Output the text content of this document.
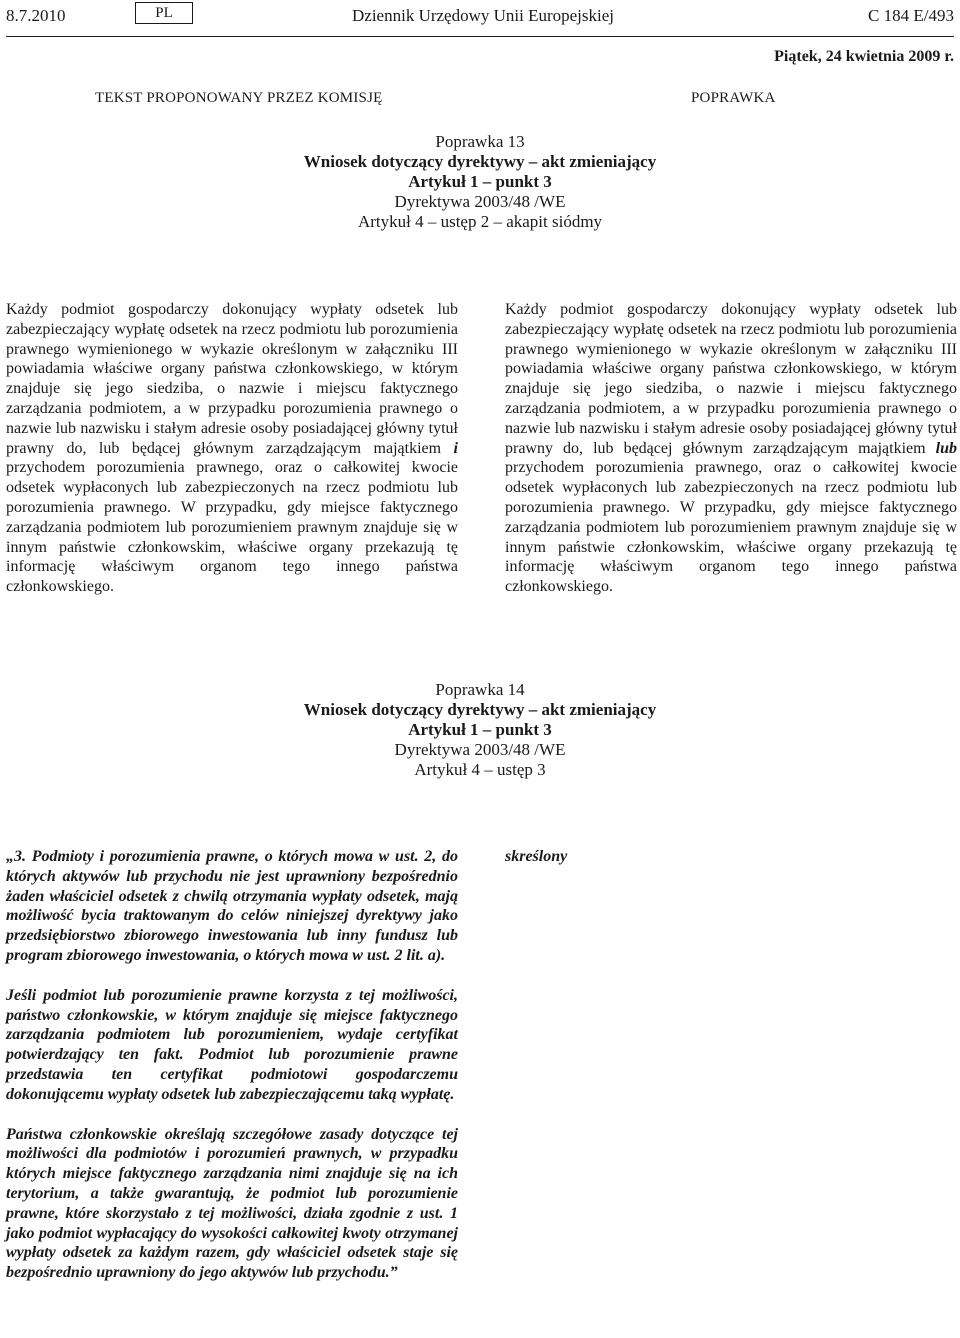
8.7.2010	PL	Dziennik Urzędowy Unii Europejskiej	C 184 E/493
Piątek, 24 kwietnia 2009 r.
TEKST PROPONOWANY PRZEZ KOMISJĘ	POPRAWKA
Poprawka 13
Wniosek dotyczący dyrektywy – akt zmieniający
Artykuł 1 – punkt 3
Dyrektywa 2003/48 /WE
Artykuł 4 – ustęp 2 – akapit siódmy

Każdy podmiot gospodarczy dokonujący wypłaty odsetek lub zabezpieczający wypłatę odsetek na rzecz podmiotu lub porozumienia prawnego wymienionego w wykazie określonym w załączniku III powiadamia właściwe organy państwa członkowskiego, w którym znajduje się jego siedziba, o nazwie i miejscu faktycznego zarządzania podmiotem, a w przypadku porozumienia prawnego o nazwie lub nazwisku i stałym adresie osoby posiadającej główny tytuł prawny do, lub będącej głównym zarządzającym majątkiem i przychodem porozumienia prawnego, oraz o całkowitej kwocie odsetek wypłaconych lub zabezpieczonych na rzecz podmiotu lub porozumienia prawnego. W przypadku, gdy miejsce faktycznego zarządzania podmiotem lub porozumieniem prawnym znajduje się w innym państwie członkowskim, właściwe organy przekazują tę informację właściwym organom tego innego państwa członkowskiego.

Każdy podmiot gospodarczy dokonujący wypłaty odsetek lub zabezpieczający wypłatę odsetek na rzecz podmiotu lub porozumienia prawnego wymienionego w wykazie określonym w załączniku III powiadamia właściwe organy państwa członkowskiego, w którym znajduje się jego siedziba, o nazwie i miejscu faktycznego zarządzania podmiotem, a w przypadku porozumienia prawnego o nazwie lub nazwisku i stałym adresie osoby posiadającej główny tytuł prawny do, lub będącej głównym zarządzającym majątkiem lub przychodem porozumienia prawnego, oraz o całkowitej kwocie odsetek wypłaconych lub zabezpieczonych na rzecz podmiotu lub porozumienia prawnego. W przypadku, gdy miejsce faktycznego zarządzania podmiotem lub porozumieniem prawnym znajduje się w innym państwie członkowskim, właściwe organy przekazują tę informację właściwym organom tego innego państwa członkowskiego.

Poprawka 14
Wniosek dotyczący dyrektywy – akt zmieniający
Artykuł 1 – punkt 3
Dyrektywa 2003/48 /WE
Artykuł 4 – ustęp 3

„3. Podmioty i porozumienia prawne, o których mowa w ust. 2, do których aktywów lub przychodu nie jest uprawniony bezpośrednio żaden właściciel odsetek z chwilą otrzymania wypłaty odsetek, mają możliwość bycia traktowanym do celów niniejszej dyrektywy jako przedsiębiorstwo zbiorowego inwestowania lub inny fundusz lub program zbiorowego inwestowania, o których mowa w ust. 2 lit. a).

Jeśli podmiot lub porozumienie prawne korzysta z tej możliwości, państwo członkowskie, w którym znajduje się miejsce faktycznego zarządzania podmiotem lub porozumieniem, wydaje certyfikat potwierdzający ten fakt. Podmiot lub porozumienie prawne przedstawia ten certyfikat podmiotowi gospodarczemu dokonującemu wypłaty odsetek lub zabezpieczającemu taką wypłatę.

Państwa członkowskie określają szczegółowe zasady dotyczące tej możliwości dla podmiotów i porozumień prawnych, w przypadku których miejsce faktycznego zarządzania nimi znajduje się na ich terytorium, a także gwarantują, że podmiot lub porozumienie prawne, które skorzystało z tej możliwości, działa zgodnie z ust. 1 jako podmiot wypłacający do wysokości całkowitej kwoty otrzymanej wypłaty odsetek za każdym razem, gdy właściciel odsetek staje się bezpośrednio uprawniony do jego aktywów lub przychodu.”

skreślony
